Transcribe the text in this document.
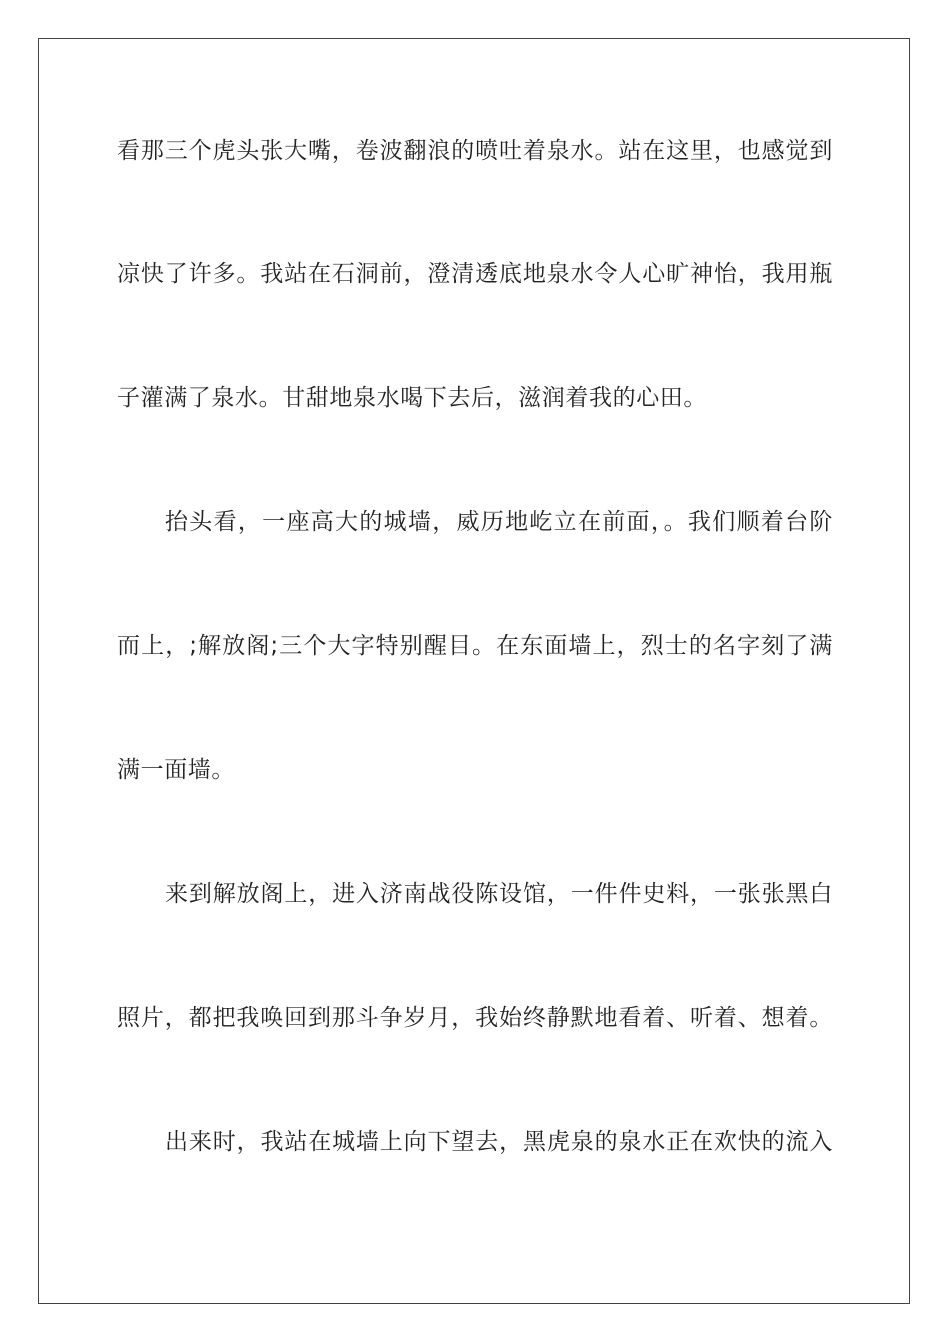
看那三个虎头张大嘴，卷波翻浪的喷吐着泉水。站在这里，也感觉到
凉快了许多。我站在石洞前，澄清透底地泉水令人心旷神怡，我用瓶
子灌满了泉水。甘甜地泉水喝下去后，滋润着我的心田。
抬头看，一座高大的城墙，威历地屹立在前面，。我们顺着台阶
而上，;解放阁;三个大字特别醒目。在东面墙上，烈士的名字刻了满
满一面墙。
来到解放阁上，进入济南战役陈设馆，一件件史料，一张张黑白
照片，都把我唤回到那斗争岁月，我始终静默地看着、听着、想着。
出来时，我站在城墙上向下望去，黑虎泉的泉水正在欢快的流入
